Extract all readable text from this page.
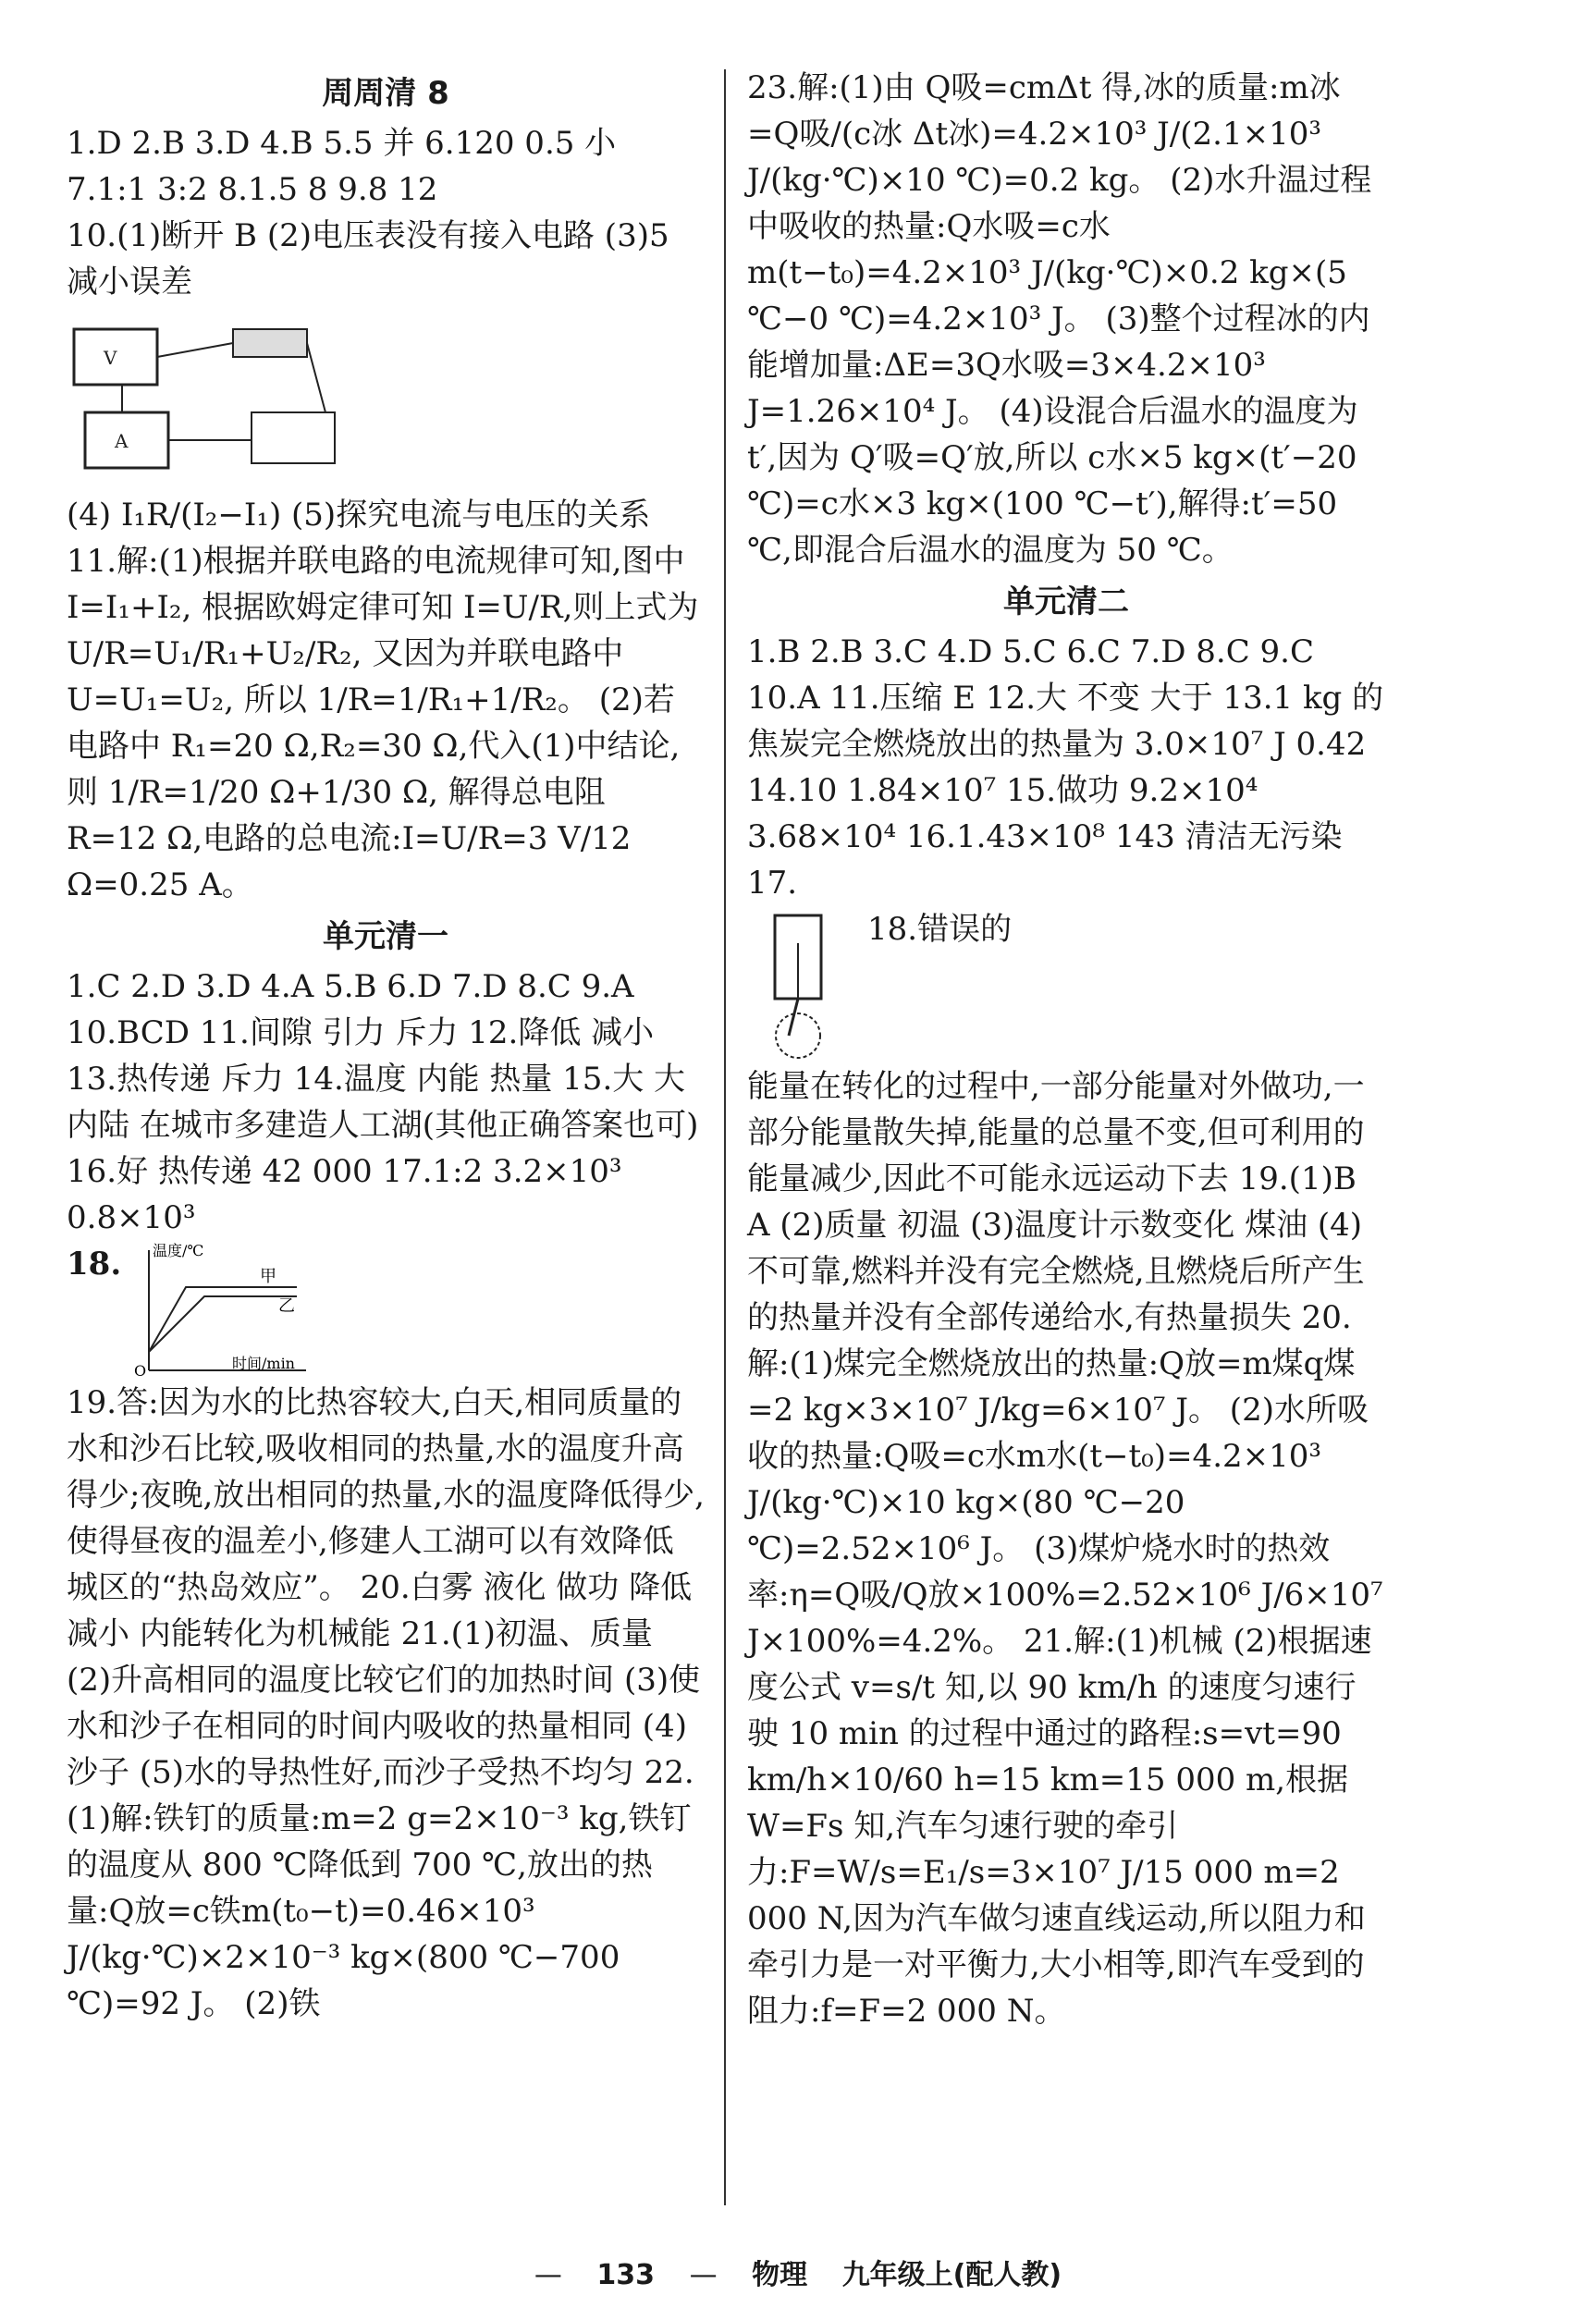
周周清 8
1.D 2.B 3.D 4.B 5.5 并 6.120 0.5 小 7.1:1 3:2 8.1.5 8 9.8 12
10.(1)断开 B (2)电压表没有接入电路 (3)5 减小误差
V
A
(4) I₁R/(I₂−I₁) (5)探究电流与电压的关系
11.解:(1)根据并联电路的电流规律可知,图中 I=I₁+I₂, 根据欧姆定律可知 I=U/R,则上式为 U/R=U₁/R₁+U₂/R₂, 又因为并联电路中 U=U₁=U₂, 所以 1/R=1/R₁+1/R₂。 (2)若电路中 R₁=20 Ω,R₂=30 Ω,代入(1)中结论,则 1/R=1/20 Ω+1/30 Ω, 解得总电阻 R=12 Ω,电路的总电流:I=U/R=3 V/12 Ω=0.25 A。
单元清一
1.C 2.D 3.D 4.A 5.B 6.D 7.D 8.C 9.A 10.BCD 11.间隙 引力 斥力 12.降低 减小 13.热传递 斥力 14.温度 内能 热量 15.大 大 内陆 在城市多建造人工湖(其他正确答案也可) 16.好 热传递 42 000 17.1:2 3.2×10³ 0.8×10³
18. 温度/℃
时间/min
O
甲
乙
19.答:因为水的比热容较大,白天,相同质量的水和沙石比较,吸收相同的热量,水的温度升高得少;夜晚,放出相同的热量,水的温度降低得少,使得昼夜的温差小,修建人工湖可以有效降低城区的“热岛效应”。 20.白雾 液化 做功 降低 减小 内能转化为机械能 21.(1)初温、质量 (2)升高相同的温度比较它们的加热时间 (3)使水和沙子在相同的时间内吸收的热量相同 (4)沙子 (5)水的导热性好,而沙子受热不均匀 22.(1)解:铁钉的质量:m=2 g=2×10⁻³ kg,铁钉的温度从 800 ℃降低到 700 ℃,放出的热量:Q放=c铁m(t₀−t)=0.46×10³ J/(kg·℃)×2×10⁻³ kg×(800 ℃−700 ℃)=92 J。 (2)铁
23.解:(1)由 Q吸=cmΔt 得,冰的质量:m冰=Q吸/(c冰 Δt冰)=4.2×10³ J/(2.1×10³ J/(kg·℃)×10 ℃)=0.2 kg。 (2)水升温过程中吸收的热量:Q水吸=c水 m(t−t₀)=4.2×10³ J/(kg·℃)×0.2 kg×(5 ℃−0 ℃)=4.2×10³ J。 (3)整个过程冰的内能增加量:ΔE=3Q水吸=3×4.2×10³ J=1.26×10⁴ J。 (4)设混合后温水的温度为 t′,因为 Q′吸=Q′放,所以 c水×5 kg×(t′−20 ℃)=c水×3 kg×(100 ℃−t′),解得:t′=50 ℃,即混合后温水的温度为 50 ℃。
单元清二
1.B 2.B 3.C 4.D 5.C 6.C 7.D 8.C 9.C 10.A 11.压缩 E 12.大 不变 大于 13.1 kg 的焦炭完全燃烧放出的热量为 3.0×10⁷ J 0.42 14.10 1.84×10⁷ 15.做功 9.2×10⁴ 3.68×10⁴ 16.1.43×10⁸ 143 清洁无污染 17.
18.错误的
能量在转化的过程中,一部分能量对外做功,一部分能量散失掉,能量的总量不变,但可利用的能量减少,因此不可能永远运动下去 19.(1)B A (2)质量 初温 (3)温度计示数变化 煤油 (4)不可靠,燃料并没有完全燃烧,且燃烧后所产生的热量并没有全部传递给水,有热量损失 20.解:(1)煤完全燃烧放出的热量:Q放=m煤q煤=2 kg×3×10⁷ J/kg=6×10⁷ J。 (2)水所吸收的热量:Q吸=c水m水(t−t₀)=4.2×10³ J/(kg·℃)×10 kg×(80 ℃−20 ℃)=2.52×10⁶ J。 (3)煤炉烧水时的热效率:η=Q吸/Q放×100%=2.52×10⁶ J/6×10⁷ J×100%=4.2%。 21.解:(1)机械 (2)根据速度公式 v=s/t 知,以 90 km/h 的速度匀速行驶 10 min 的过程中通过的路程:s=vt=90 km/h×10/60 h=15 km=15 000 m,根据 W=Fs 知,汽车匀速行驶的牵引力:F=W/s=E₁/s=3×10⁷ J/15 000 m=2 000 N,因为汽车做匀速直线运动,所以阻力和牵引力是一对平衡力,大小相等,即汽车受到的阻力:f=F=2 000 N。
— 133 — 物理 九年级上(配人教)
